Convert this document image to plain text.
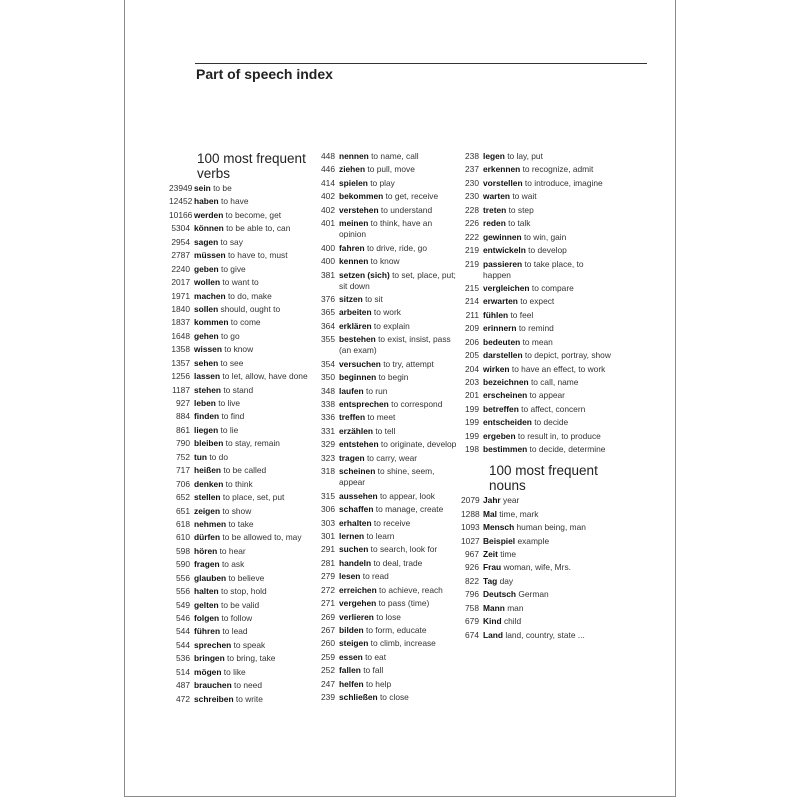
Part of speech index
100 most frequent verbs
23949 sein to be
12452 haben to have
10166 werden to become, get
5304 können to be able to, can
2954 sagen to say
2787 müssen to have to, must
2240 geben to give
2017 wollen to want to
1971 machen to do, make
1840 sollen should, ought to
1837 kommen to come
1648 gehen to go
1358 wissen to know
1357 sehen to see
1256 lassen to let, allow, have done
1187 stehen to stand
927 leben to live
884 finden to find
861 liegen to lie
790 bleiben to stay, remain
752 tun to do
717 heißen to be called
706 denken to think
652 stellen to place, set, put
651 zeigen to show
618 nehmen to take
610 dürfen to be allowed to, may
598 hören to hear
590 fragen to ask
556 glauben to believe
556 halten to stop, hold
549 gelten to be valid
546 folgen to follow
544 führen to lead
544 sprechen to speak
536 bringen to bring, take
514 mögen to like
487 brauchen to need
472 schreiben to write
448 nennen to name, call
446 ziehen to pull, move
414 spielen to play
402 bekommen to get, receive
402 verstehen to understand
401 meinen to think, have an opinion
400 fahren to drive, ride, go
400 kennen to know
381 setzen (sich) to set, place, put; sit down
376 sitzen to sit
365 arbeiten to work
364 erklären to explain
355 bestehen to exist, insist, pass (an exam)
354 versuchen to try, attempt
350 beginnen to begin
348 laufen to run
338 entsprechen to correspond
336 treffen to meet
331 erzählen to tell
329 entstehen to originate, develop
323 tragen to carry, wear
318 scheinen to shine, seem, appear
315 aussehen to appear, look
306 schaffen to manage, create
303 erhalten to receive
301 lernen to learn
291 suchen to search, look for
281 handeln to deal, trade
279 lesen to read
272 erreichen to achieve, reach
271 vergehen to pass (time)
269 verlieren to lose
267 bilden to form, educate
260 steigen to climb, increase
259 essen to eat
252 fallen to fall
247 helfen to help
239 schließen to close
238 legen to lay, put
237 erkennen to recognize, admit
230 vorstellen to introduce, imagine
230 warten to wait
228 treten to step
226 reden to talk
222 gewinnen to win, gain
219 entwickeln to develop
219 passieren to take place, to happen
215 vergleichen to compare
214 erwarten to expect
211 fühlen to feel
209 erinnern to remind
206 bedeuten to mean
205 darstellen to depict, portray, show
204 wirken to have an effect, to work
203 bezeichnen to call, name
201 erscheinen to appear
199 betreffen to affect, concern
199 entscheiden to decide
199 ergeben to result in, to produce
198 bestimmen to decide, determine
100 most frequent nouns
2079 Jahr year
1288 Mal time, mark
1093 Mensch human being, man
1027 Beispiel example
967 Zeit time
926 Frau woman, wife, Mrs.
822 Tag day
796 Deutsch German
758 Mann man
679 Kind child
674 Land land, country, state ...
